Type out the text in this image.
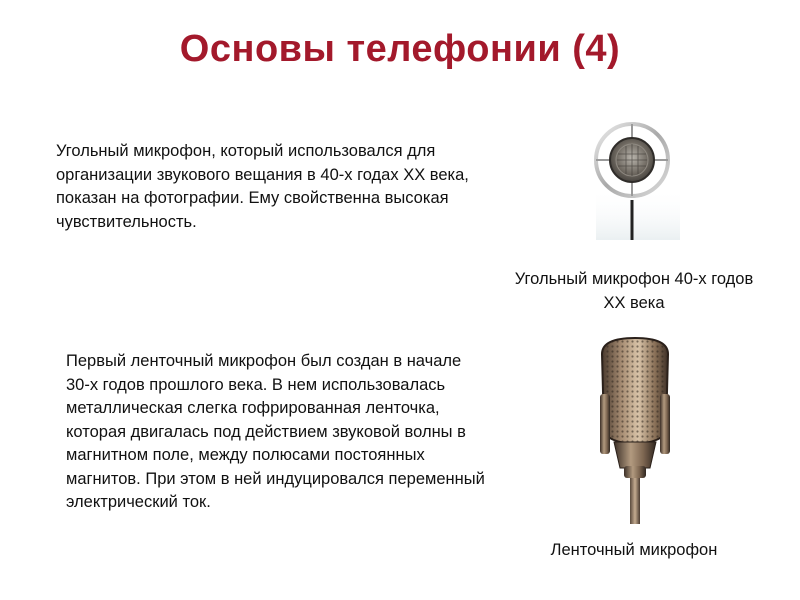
Основы телефонии (4)

Угольный микрофон, который использовался для организации звукового вещания в 40-х годах XX века, показан на фотографии. Ему свойственна высокая чувствительность.

Угольный микрофон 40-х годов XX века

Первый ленточный микрофон был создан в начале 30-х годов прошлого века. В нем использовалась металлическая слегка гофрированная ленточка, которая двигалась под действием звуковой волны в магнитном поле, между полюсами постоянных магнитов. При этом в ней индуцировался переменный электрический ток.

Ленточный микрофон
